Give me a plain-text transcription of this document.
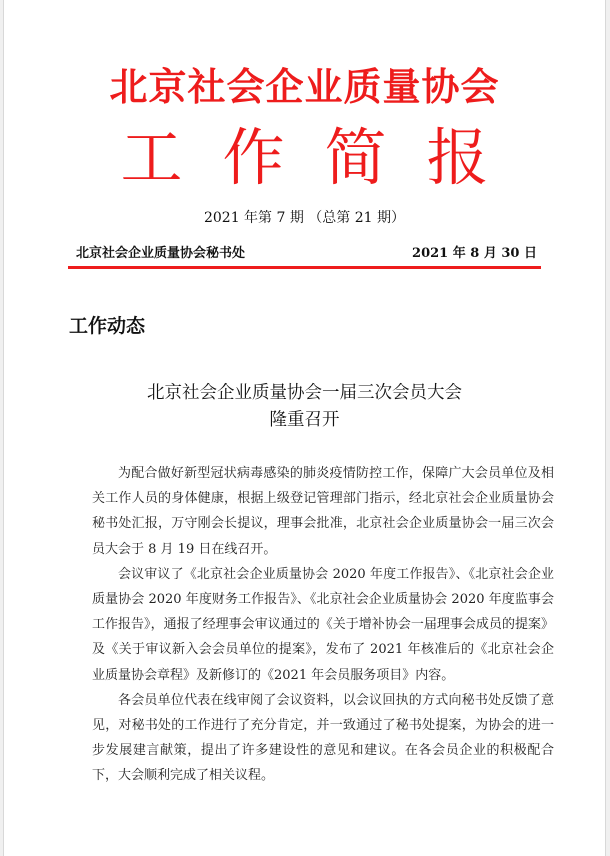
北京社会企业质量协会
工作简报
2021 年第 7 期 （总第 21 期）
北京社会企业质量协会秘书处	2021 年 8 月 30 日
工作动态
北京社会企业质量协会一届三次会员大会
隆重召开

为配合做好新型冠状病毒感染的肺炎疫情防控工作，保障广大会员单位及相关工作人员的身体健康，根据上级登记管理部门指示，经北京社会企业质量协会秘书处汇报，万守刚会长提议，理事会批准，北京社会企业质量协会一届三次会员大会于 8 月 19 日在线召开。

会议审议了《北京社会企业质量协会 2020 年度工作报告》、《北京社会企业质量协会 2020 年度财务工作报告》、《北京社会企业质量协会 2020 年度监事会工作报告》，通报了经理事会审议通过的《关于增补协会一届理事会成员的提案》及《关于审议新入会会员单位的提案》，发布了 2021 年核准后的《北京社会企业质量协会章程》及新修订的《2021 年会员服务项目》内容。

各会员单位代表在线审阅了会议资料，以会议回执的方式向秘书处反馈了意见，对秘书处的工作进行了充分肯定，并一致通过了秘书处提案，为协会的进一步发展建言献策，提出了许多建设性的意见和建议。在各会员企业的积极配合下，大会顺利完成了相关议程。
